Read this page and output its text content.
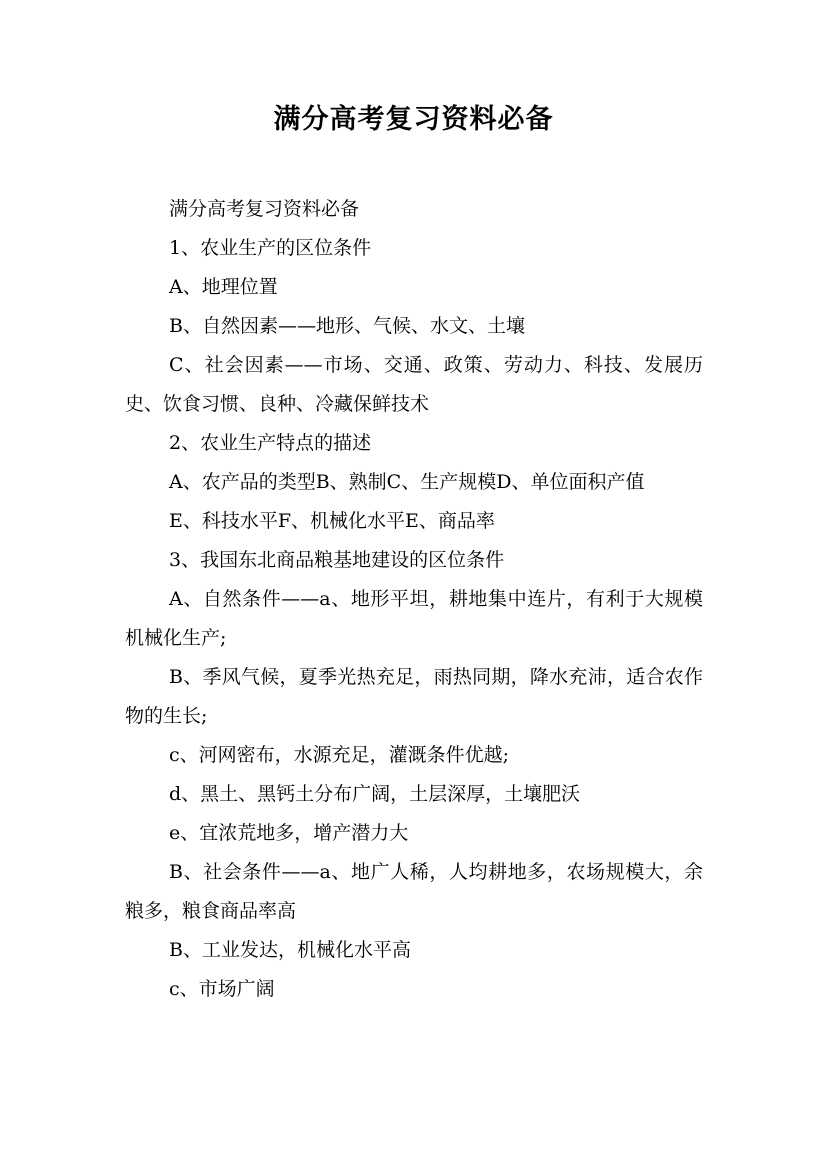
满分高考复习资料必备

满分高考复习资料必备

1、农业生产的区位条件

A、地理位置

B、自然因素——地形、气候、水文、土壤

C、社会因素——市场、交通、政策、劳动力、科技、发展历史、饮食习惯、良种、冷藏保鲜技术

2、农业生产特点的描述

A、农产品的类型B、熟制C、生产规模D、单位面积产值

E、科技水平F、机械化水平E、商品率

3、我国东北商品粮基地建设的区位条件

A、自然条件——a、地形平坦，耕地集中连片，有利于大规模机械化生产;

B、季风气候，夏季光热充足，雨热同期，降水充沛，适合农作物的生长;

c、河网密布，水源充足，灌溉条件优越;

d、黑土、黑钙土分布广阔，土层深厚，土壤肥沃

e、宜浓荒地多，增产潜力大

B、社会条件——a、地广人稀，人均耕地多，农场规模大，余粮多，粮食商品率高

B、工业发达，机械化水平高

c、市场广阔
